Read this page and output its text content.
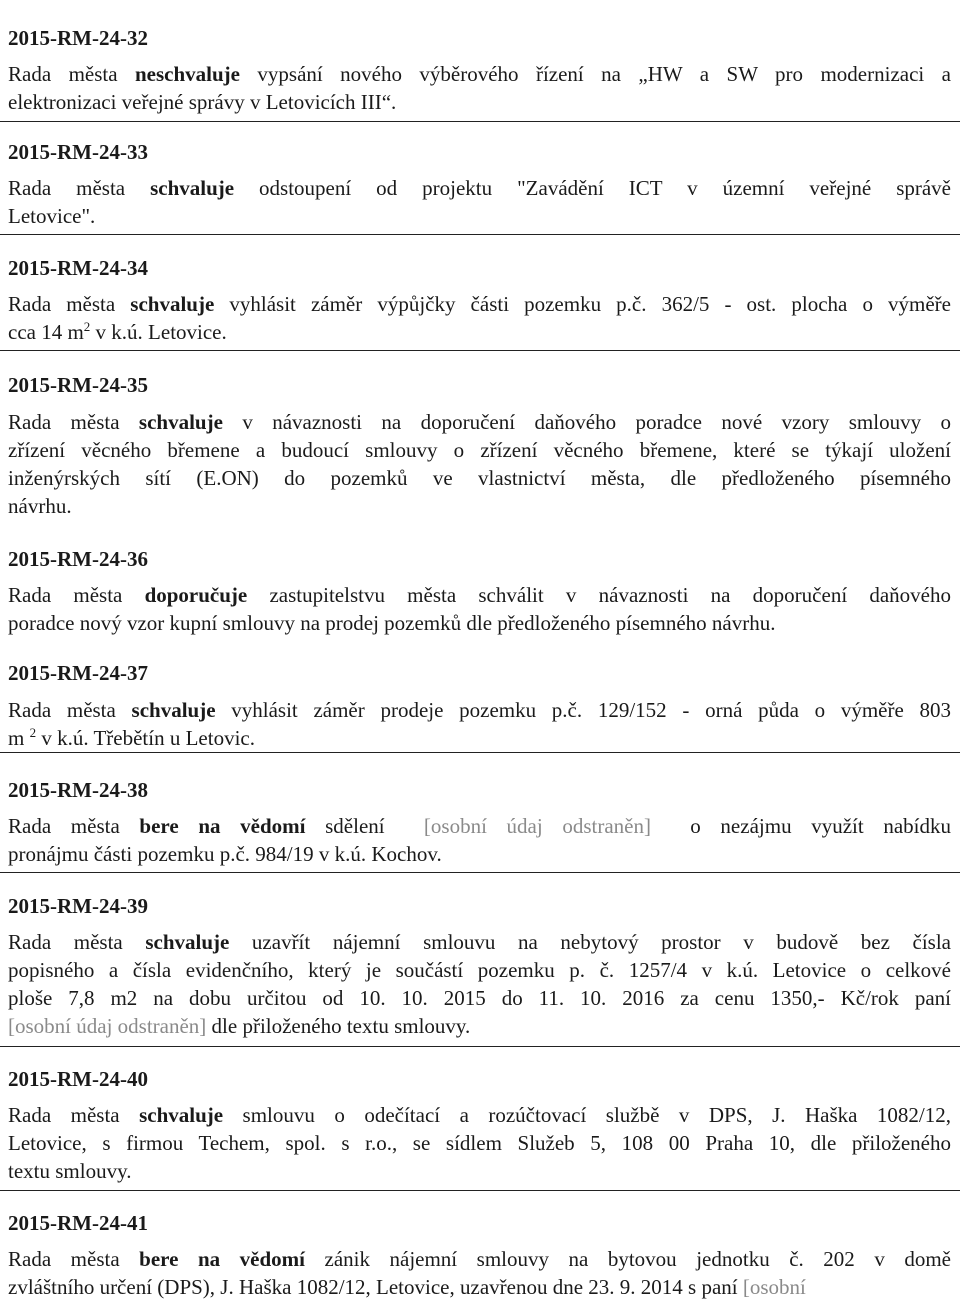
2015-RM-24-32
Rada města neschvaluje vypsání nového výběrového řízení na „HW a SW pro modernizaci a
elektronizaci veřejné správy v Letovicích III“.
2015-RM-24-33
Rada města schvaluje odstoupení od projektu "Zavádění ICT v územní veřejné správě
Letovice".
2015-RM-24-34
Rada města schvaluje vyhlásit záměr výpůjčky části pozemku p.č. 362/5 - ost. plocha o výměře
cca 14 $m^2$ v k.ú. Letovice.
2015-RM-24-35
Rada města schvaluje v návaznosti na doporučení daňového poradce nové vzory smlouvy o
zřízení věcného břemene a budoucí smlouvy o zřízení věcného břemene, které se týkají uložení
inženýrských sítí (E.ON) do pozemků ve vlastnictví města, dle předloženého písemného
návrhu.
2015-RM-24-36
Rada města doporučuje zastupitelstvu města schválit v návaznosti na doporučení daňového
poradce nový vzor kupní smlouvy na prodej pozemků dle předloženého písemného návrhu.
2015-RM-24-37
Rada města schvaluje vyhlásit záměr prodeje pozemku p.č. 129/152 - orná půda o výměře 803
m $^2$ v k.ú. Třebětín u Letovic.
2015-RM-24-38
Rada města bere na vědomí sdělení  [osobní údaj odstraněn]  o nezájmu využít nabídku
pronájmu části pozemku p.č. 984/19 v k.ú. Kochov.
2015-RM-24-39
Rada města schvaluje uzavřít nájemní smlouvu na nebytový prostor v budově bez čísla
popisného a čísla evidenčního, který je součástí pozemku p. č. 1257/4 v k.ú. Letovice o celkové
ploše 7,8 m2 na dobu určitou od 10. 10. 2015 do 11. 10. 2016 za cenu 1350,- Kč/rok paní
[osobní údaj odstraněn] dle přiloženého textu smlouvy.
2015-RM-24-40
Rada města schvaluje smlouvu o odečítací a rozúčtovací službě v DPS, J. Haška 1082/12,
Letovice, s firmou Techem, spol. s r.o., se sídlem Služeb 5, 108 00 Praha 10, dle přiloženého
textu smlouvy.
2015-RM-24-41
Rada města bere na vědomí zánik nájemní smlouvy na bytovou jednotku č. 202 v domě
zvláštního určení (DPS), J. Haška 1082/12, Letovice, uzavřenou dne 23. 9. 2014 s paní [osobní
